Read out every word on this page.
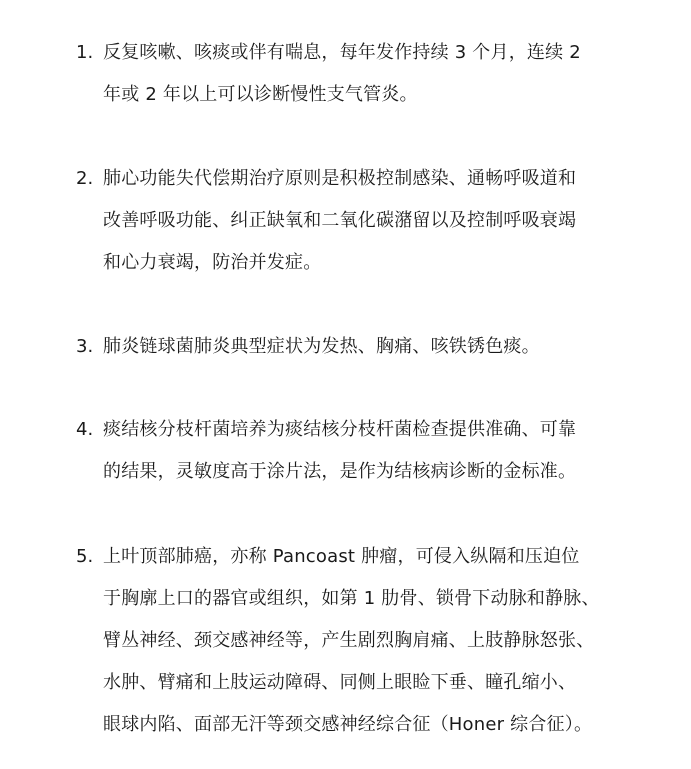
1. 反复咳嗽、咳痰或伴有喘息，每年发作持续 3 个月，连续 2
年或 2 年以上可以诊断慢性支气管炎。
2. 肺心功能失代偿期治疗原则是积极控制感染、通畅呼吸道和
改善呼吸功能、纠正缺氧和二氧化碳潴留以及控制呼吸衰竭
和心力衰竭，防治并发症。
3. 肺炎链球菌肺炎典型症状为发热、胸痛、咳铁锈色痰。
4. 痰结核分枝杆菌培养为痰结核分枝杆菌检查提供准确、可靠
的结果，灵敏度高于涂片法，是作为结核病诊断的金标准。
5. 上叶顶部肺癌，亦称 Pancoast 肿瘤，可侵入纵隔和压迫位
于胸廓上口的器官或组织，如第 1 肋骨、锁骨下动脉和静脉、
臂丛神经、颈交感神经等，产生剧烈胸肩痛、上肢静脉怒张、
水肿、臂痛和上肢运动障碍、同侧上眼睑下垂、瞳孔缩小、
眼球内陷、面部无汗等颈交感神经综合征（Honer 综合征）。
